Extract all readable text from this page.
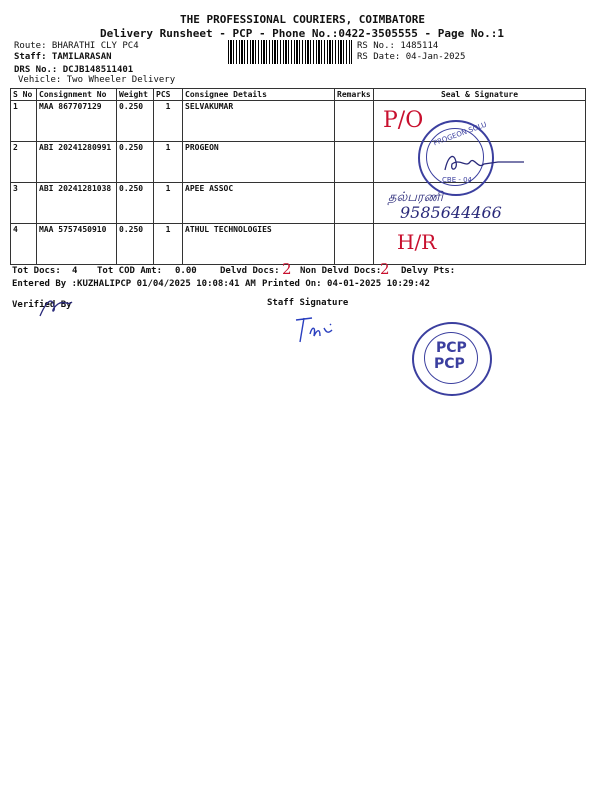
THE PROFESSIONAL COURIERS, COIMBATORE
Delivery Runsheet - PCP - Phone No.:0422-3505555 - Page No.:1
Route: BHARATHI CLY PC4
Staff: TAMILARASAN
DRS No.: DCJB148511401
Vehicle: Two Wheeler Delivery
RS No.: 1485114
RS Date: 04-Jan-2025
S No	Consignment No	Weight	PCS	Consignee Details	Remarks	Seal & Signature
1	MAA 867707129	0.250	1	SELVAKUMAR		
2	ABI 20241280991	0.250	1	PROGEON		
3	ABI 20241281038	0.250	1	APEE ASSOC		
4	MAA 5757450910	0.250	1	ATHUL TECHNOLOGIES		
P/O
9585644466
தல்பரணி
H/R
PROGEON SOLU
CBE - 04
Tot Docs: 4 Tot COD Amt: 0.00	Delvd Docs: 2 Non Delvd Docs:
2 Delvy Pts:
Entered By :KUZHALIPCP 01/04/2025 10:08:41 AM Printed On: 04-01-2025 10:29:42
Verified By	Staff Signature
PCP
PCP
